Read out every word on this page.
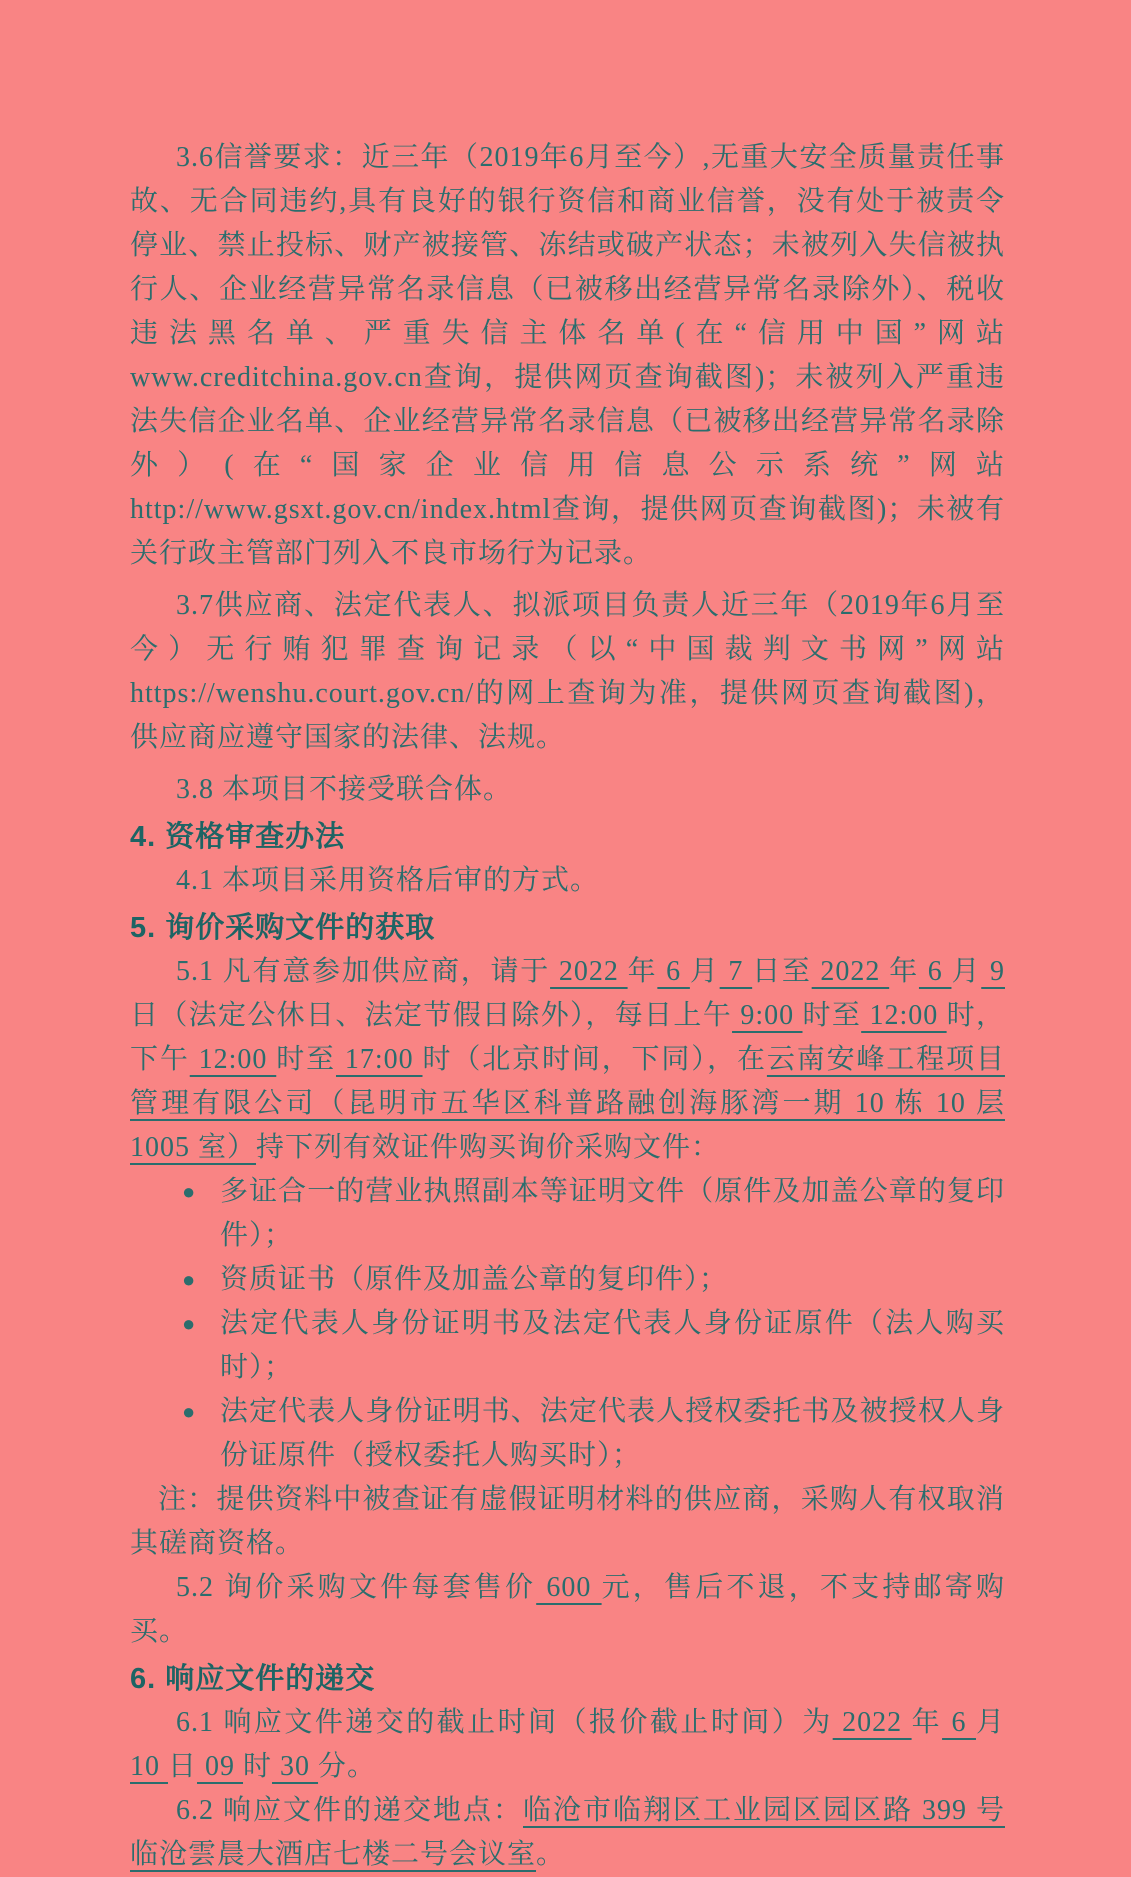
3.6信誉要求：近三年（2019年6月至今）,无重大安全质量责任事故、无合同违约,具有良好的银行资信和商业信誉，没有处于被责令停业、禁止投标、财产被接管、冻结或破产状态；未被列入失信被执行人、企业经营异常名录信息（已被移出经营异常名录除外）、税收违法黑名单、严重失信主体名单(在“信用中国”网站www.creditchina.gov.cn查询，提供网页查询截图)；未被列入严重违法失信企业名单、企业经营异常名录信息（已被移出经营异常名录除外）(在“国家企业信用信息公示系统”网站http://www.gsxt.gov.cn/index.html查询，提供网页查询截图)；未被有关行政主管部门列入不良市场行为记录。
3.7供应商、法定代表人、拟派项目负责人近三年（2019年6月至今）无行贿犯罪查询记录（以“中国裁判文书网”网站https://wenshu.court.gov.cn/的网上查询为准，提供网页查询截图)，供应商应遵守国家的法律、法规。
3.8 本项目不接受联合体。
4. 资格审查办法
4.1 本项目采用资格后审的方式。
5. 询价采购文件的获取
5.1 凡有意参加供应商，请于 2022 年 6 月 7 日至 2022 年 6 月 9 日（法定公休日、法定节假日除外），每日上午 9:00 时至 12:00 时，下午 12:00 时至 17:00 时（北京时间，下同），在云南安峰工程项目管理有限公司（昆明市五华区科普路融创海豚湾一期 10 栋 10 层 1005 室）持下列有效证件购买询价采购文件：
● 多证合一的营业执照副本等证明文件（原件及加盖公章的复印件）；
● 资质证书（原件及加盖公章的复印件）；
● 法定代表人身份证明书及法定代表人身份证原件（法人购买时）；
● 法定代表人身份证明书、法定代表人授权委托书及被授权人身份证原件（授权委托人购买时）；
注：提供资料中被查证有虚假证明材料的供应商，采购人有权取消其磋商资格。
5.2 询价采购文件每套售价 600 元，售后不退，不支持邮寄购买。
6. 响应文件的递交
6.1 响应文件递交的截止时间（报价截止时间）为 2022 年 6 月 10 日 09 时 30 分。
6.2 响应文件的递交地点：临沧市临翔区工业园区园区路 399 号临沧雲晨大酒店七楼二号会议室。
